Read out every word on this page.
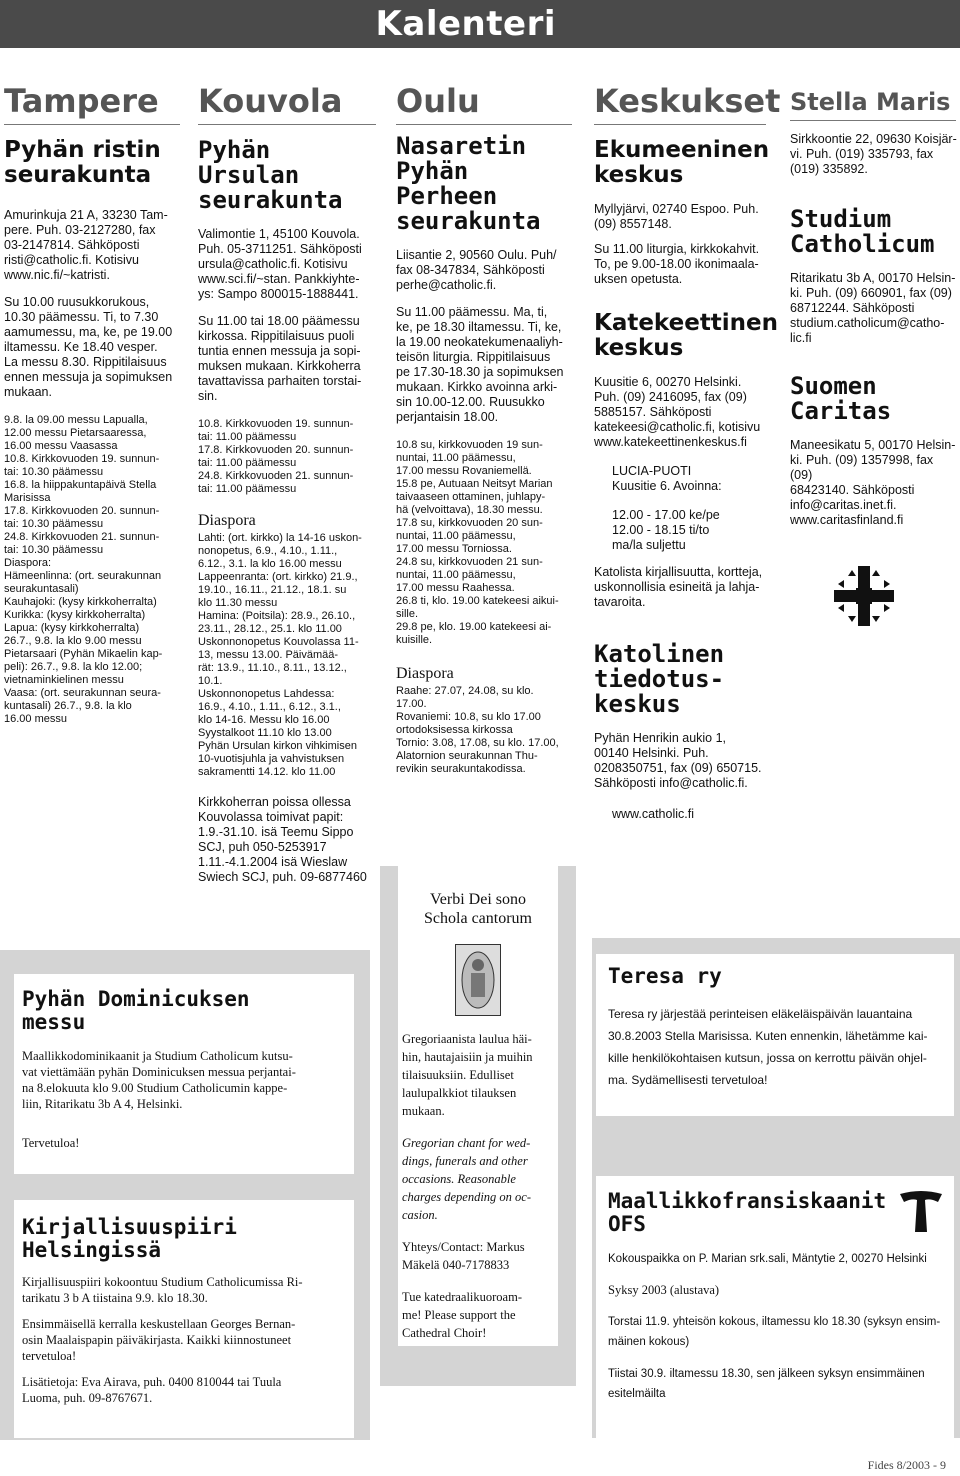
Kalenteri
Tampere

Pyhän ristin
seurakunta

Amurinkuja 21 A, 33230 Tam-
pere. Puh. 03-2127280, fax
03-2147814. Sähköposti
risti@catholic.fi. Kotisivu
www.nic.fi/~katristi.

Su 10.00 ruusukkorukous,
10.30 päämessu. Ti, to 7.30
aamumessu, ma, ke, pe 19.00
iltamessu. Ke 18.40 vesper.
La messu 8.30. Rippitilaisuus
ennen messuja ja sopimuksen
mukaan.

9.8. la 09.00 messu Lapualla,
12.00 messu Pietarsaaressa,
16.00 messu Vaasassa
10.8. Kirkkovuoden 19. sunnun-
tai: 10.30 päämessu
16.8. la hiippakuntapäivä Stella
Marisissa
17.8. Kirkkovuoden 20. sunnun-
tai: 10.30 päämessu
24.8. Kirkkovuoden 21. sunnun-
tai: 10.30 päämessu
Diaspora:
Hämeenlinna: (ort. seurakunnan
seurakuntasali)
Kauhajoki: (kysy kirkkoherralta)
Kurikka: (kysy kirkkoherralta)
Lapua: (kysy kirkkoherralta)
26.7., 9.8. la klo 9.00 messu
Pietarsaari (Pyhän Mikaelin kap-
peli): 26.7., 9.8. la klo 12.00;
vietnaminkielinen messu
Vaasa: (ort. seurakunnan seura-
kuntasali) 26.7., 9.8. la klo
16.00 messu

Kouvola

Pyhän
Ursulan
seurakunta

Valimontie 1, 45100 Kouvola.
Puh. 05-3711251. Sähköposti
ursula@catholic.fi. Kotisivu
www.sci.fi/~stan. Pankkiyhte-
ys: Sampo 800015-1888441.

Su 11.00 tai 18.00 päämessu
kirkossa. Rippitilaisuus puoli
tuntia ennen messuja ja sopi-
muksen mukaan. Kirkkoherra
tavattavissa parhaiten torstai-
sin.

10.8. Kirkkovuoden 19. sunnun-
tai: 11.00 päämessu
17.8. Kirkkovuoden 20. sunnun-
tai: 11.00 päämessu
24.8. Kirkkovuoden 21. sunnun-
tai: 11.00 päämessu

Diaspora

Lahti: (ort. kirkko) la 14-16 uskon-
nonopetus, 6.9., 4.10., 1.11.,
6.12., 3.1. la klo 16.00 messu
Lappeenranta: (ort. kirkko) 21.9.,
19.10., 16.11., 21.12., 18.1. su
klo 11.30 messu
Hamina: (Poitsila): 28.9., 26.10.,
23.11., 28.12., 25.1. klo 11.00
Uskonnonopetus Kouvolassa 11-
13, messu 13.00. Päivämää-
rät: 13.9., 11.10., 8.11., 13.12.,
10.1.
Uskonnonopetus Lahdessa:
16.9., 4.10., 1.11., 6.12., 3.1.,
klo 14-16. Messu klo 16.00
Syystalkoot 11.10 klo 13.00
Pyhän Ursulan kirkon vihkimisen
10-vuotisjuhla ja vahvistuksen
sakramentti 14.12. klo 11.00

Kirkkoherran poissa ollessa
Kouvolassa toimivat papit:
1.9.-31.10. isä Teemu Sippo
SCJ, puh 050-5253917
1.11.-4.1.2004 isä Wieslaw
Swiech SCJ, puh. 09-6877460

Oulu

Nasaretin
Pyhän
Perheen
seurakunta

Liisantie 2, 90560 Oulu. Puh/
fax 08-347834, Sähköposti
perhe@catholic.fi.

Su 11.00 päämessu. Ma, ti,
ke, pe 18.30 iltamessu. Ti, ke,
la 19.00 neokatekumenaaliyh-
teisön liturgia. Rippitilaisuus
pe 17.30-18.30 ja sopimuksen
mukaan. Kirkko avoinna arki-
sin 10.00-12.00. Ruusukko
perjantaisin 18.00.

10.8 su, kirkkovuoden 19 sun-
nuntai, 11.00 päämessu,
17.00 messu Rovaniemellä.
15.8 pe, Autuaan Neitsyt Marian
taivaaseen ottaminen, juhlapy-
hä (velvoittava), 18.30 messu.
17.8 su, kirkkovuoden 20 sun-
nuntai, 11.00 päämessu,
17.00 messu Torniossa.
24.8 su, kirkkovuoden 21 sun-
nuntai, 11.00 päämessu,
17.00 messu Raahessa.
26.8 ti, klo. 19.00 katekeesi aikui-
sille.
29.8 pe, klo. 19.00 katekeesi ai-
kuisille.

Diaspora

Raahe: 27.07, 24.08, su klo.
17.00.
Rovaniemi: 10.8, su klo 17.00
ortodoksisessa kirkossa
Tornio: 3.08, 17.08, su klo. 17.00,
Alatornion seurakunnan Thu-
revikin seurakuntakodissa.

Verbi Dei sono
Schola cantorum

Gregoriaanista laulua häi-
hin, hautajaisiin ja muihin
tilaisuuksiin. Edulliset
laulupalkkiot tilauksen
mukaan.

Gregorian chant for wed-
dings, funerals and other
occasions. Reasonable
charges depending on oc-
casion.

Yhteys/Contact: Markus
Mäkelä 040-7178833

Tue katedraalikuoroam-
me! Please support the
Cathedral Choir!

Keskukset

Ekumeeninen
keskus

Myllyjärvi, 02740 Espoo. Puh.
(09) 8557148.

Su 11.00 liturgia, kirkkokahvit.
To, pe 9.00-18.00 ikonimaala-
uksen opetusta.

Katekeettinen
keskus

Kuusitie 6, 00270 Helsinki.
Puh. (09) 2416095, fax (09)
5885157. Sähköposti
katekeesi@catholic.fi, kotisivu
www.katekeettinenkeskus.fi

LUCIA-PUOTI
Kuusitie 6. Avoinna:

12.00 - 17.00 ke/pe
12.00 - 18.15 ti/to
ma/la suljettu

Katolista kirjallisuutta, kortteja,
uskonnollisia esineitä ja lahja-
tavaroita.

Katolinen
tiedotus-
keskus

Pyhän Henrikin aukio 1,
00140 Helsinki. Puh.
0208350751, fax (09) 650715.
Sähköposti info@catholic.fi.

www.catholic.fi

Stella Maris

Sirkkoontie 22, 09630 Koisjär-
vi. Puh. (019) 335793, fax
(019) 335892.

Studium
Catholicum

Ritarikatu 3b A, 00170 Helsin-
ki. Puh. (09) 660901, fax (09)
68712244. Sähköposti
studium.catholicum@catho-
lic.fi

Suomen
Caritas

Maneesikatu 5, 00170 Helsin-
ki. Puh. (09) 1357998, fax (09)
68423140. Sähköposti
info@caritas.inet.fi.
www.caritasfinland.fi

Pyhän Dominicuksen
messu

Maallikkodominikaanit ja Studium Catholicum kutsu-
vat viettämään pyhän Dominicuksen messua perjantai-
na 8.elokuuta klo 9.00 Studium Catholicumin kappe-
liin, Ritarikatu 3b A 4, Helsinki.

Tervetuloa!

Kirjallisuuspiiri
Helsingissä

Kirjallisuuspiiri kokoontuu Studium Catholicumissa Ri-
tarikatu 3 b A tiistaina 9.9. klo 18.30.

Ensimmäisellä kerralla keskustellaan Georges Bernan-
osin Maalaispapin päiväkirjasta. Kaikki kiinnostuneet
tervetuloa!

Lisätietoja: Eva Airava, puh. 0400 810044 tai Tuula
Luoma, puh. 09-8767671.

Teresa ry

Teresa ry järjestää perinteisen eläkeläispäivän lauantaina
30.8.2003 Stella Marisissa. Kuten ennenkin, lähetämme kai-
kille henkilökohtaisen kutsun, jossa on kerrottu päivän ohjel-
ma. Sydämellisesti tervetuloa!

Maallikkofransiskaanit
OFS

Kokouspaikka on P. Marian srk.sali, Mäntytie 2, 00270 Helsinki

Syksy 2003 (alustava)

Torstai 11.9. yhteisön kokous, iltamessu klo 18.30 (syksyn ensim-
mäinen kokous)

Tiistai 30.9. iltamessu 18.30, sen jälkeen syksyn ensimmäinen
esitelmäilta

Fides 8/2003 - 9
